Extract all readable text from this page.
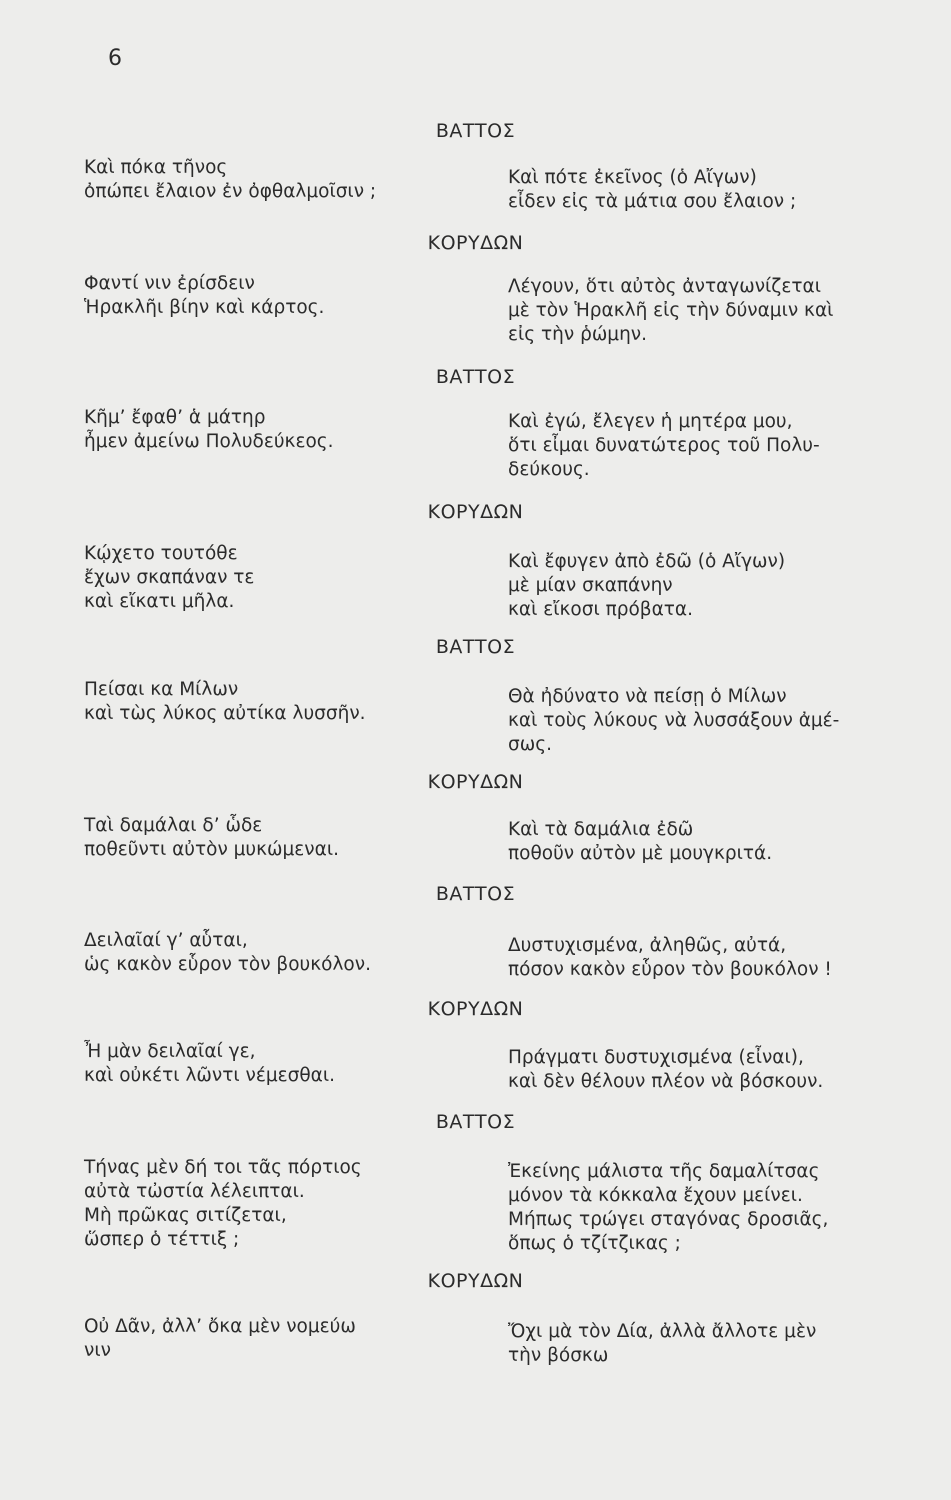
6
ΒΑΤΤΟΣ
Καὶ πόκα τῆνος
ὀπώπει ἔλαιον ἐν ὀφθαλμοῖσιν ;
Καὶ πότε ἐκεῖνος (ὁ Αἴγων)
εἶδεν εἰς τὰ μάτια σου ἔλαιον ;
ΚΟΡΥΔΩΝ
Φαντί νιν ἐρίσδειν
Ἡρακλῆι βίην καὶ κάρτος.
Λέγουν, ὅτι αὐτὸς ἀνταγωνίζεται
μὲ τὸν Ἡρακλῆ εἰς τὴν δύναμιν καὶ
εἰς τὴν ῥώμην.
ΒΑΤΤΟΣ
Κῆμ’ ἔφαθ’ ἁ μάτηρ
ἦμεν ἀμείνω Πολυδεύκεος.
Καὶ ἐγώ, ἔλεγεν ἡ μητέρα μου,
ὅτι εἶμαι δυνατώτερος τοῦ Πολυ-
δεύκους.
ΚΟΡΥΔΩΝ
Κῴχετο τουτόθε
ἔχων σκαπάναν τε
καὶ εἴκατι μῆλα.
Καὶ ἔφυγεν ἀπὸ ἐδῶ (ὁ Αἴγων)
μὲ μίαν σκαπάνην
καὶ εἴκοσι πρόβατα.
ΒΑΤΤΟΣ
Πείσαι κα Μίλων
καὶ τὼς λύκος αὐτίκα λυσσῆν.
Θὰ ἠδύνατο νὰ πείσῃ ὁ Μίλων
καὶ τοὺς λύκους νὰ λυσσάξουν ἀμέ-
σως.
ΚΟΡΥΔΩΝ
Ταὶ δαμάλαι δ’ ὧδε
ποθεῦντι αὐτὸν μυκώμεναι.
Καὶ τὰ δαμάλια ἐδῶ
ποθοῦν αὐτὸν μὲ μουγκριτά.
ΒΑΤΤΟΣ
Δειλαῖαί γ’ αὗται,
ὡς κακὸν εὗρον τὸν βουκόλον.
Δυστυχισμένα, ἀληθῶς, αὐτά,
πόσον κακὸν εὗρον τὸν βουκόλον !
ΚΟΡΥΔΩΝ
Ἦ μὰν δειλαῖαί γε,
καὶ οὐκέτι λῶντι νέμεσθαι.
Πράγματι δυστυχισμένα (εἶναι),
καὶ δὲν θέλουν πλέον νὰ βόσκουν.
ΒΑΤΤΟΣ
Τήνας μὲν δή τοι τᾶς πόρτιος
αὐτὰ τὠστία λέλειπται.
Μὴ πρῶκας σιτίζεται,
ὥσπερ ὁ τέττιξ ;
Ἐκείνης μάλιστα τῆς δαμαλίτσας
μόνον τὰ κόκκαλα ἔχουν μείνει.
Μήπως τρώγει σταγόνας δροσιᾶς,
ὅπως ὁ τζίτζικας ;
ΚΟΡΥΔΩΝ
Οὐ Δᾶν, ἀλλ’ ὄκα μὲν νομεύω
νιν
Ὄχι μὰ τὸν Δία, ἀλλὰ ἄλλοτε μὲν
τὴν βόσκω
